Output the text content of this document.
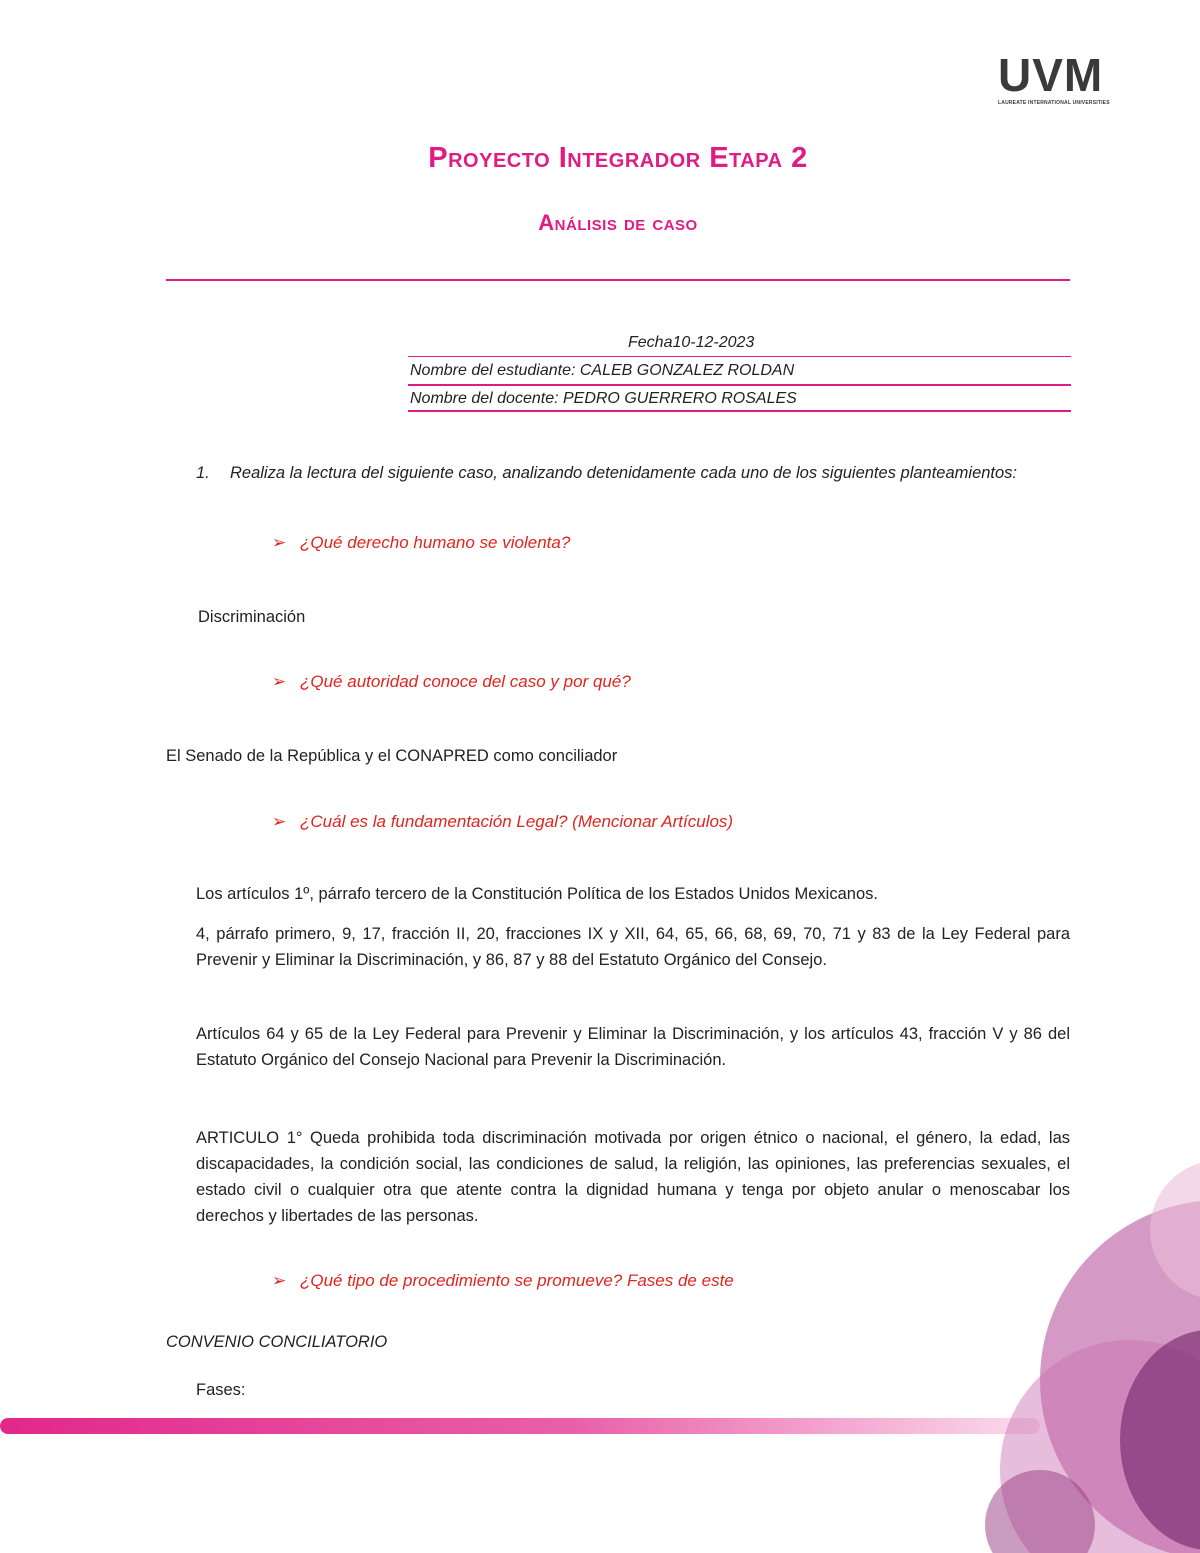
UVM
LAUREATE INTERNATIONAL UNIVERSITIES
Proyecto Integrador Etapa 2
Análisis de caso
Fecha10-12-2023
Nombre del estudiante: CALEB GONZALEZ ROLDAN
Nombre del docente: PEDRO GUERRERO ROSALES
1.	Realiza la lectura del siguiente caso, analizando detenidamente cada uno de los siguientes planteamientos:
➢ ¿Qué derecho humano se violenta?
Discriminación
➢ ¿Qué autoridad conoce del caso y por qué?
El Senado de la República y el CONAPRED como conciliador
➢ ¿Cuál es la fundamentación Legal? (Mencionar Artículos)
Los artículos 1º, párrafo tercero de la Constitución Política de los Estados Unidos Mexicanos.
4, párrafo primero, 9, 17, fracción II, 20, fracciones IX y XII, 64, 65, 66, 68, 69, 70, 71 y 83 de la Ley Federal para Prevenir y Eliminar la Discriminación, y 86, 87 y 88 del Estatuto Orgánico del Consejo.
Artículos 64 y 65 de la Ley Federal para Prevenir y Eliminar la Discriminación, y los artículos 43, fracción V y 86 del Estatuto Orgánico del Consejo Nacional para Prevenir la Discriminación.
ARTICULO 1° Queda prohibida toda discriminación motivada por origen étnico o nacional, el género, la edad, las discapacidades, la condición social, las condiciones de salud, la religión, las opiniones, las preferencias sexuales, el estado civil o cualquier otra que atente contra la dignidad humana y tenga por objeto anular o menoscabar los derechos y libertades de las personas.
➢ ¿Qué tipo de procedimiento se promueve? Fases de este
CONVENIO CONCILIATORIO
Fases:
